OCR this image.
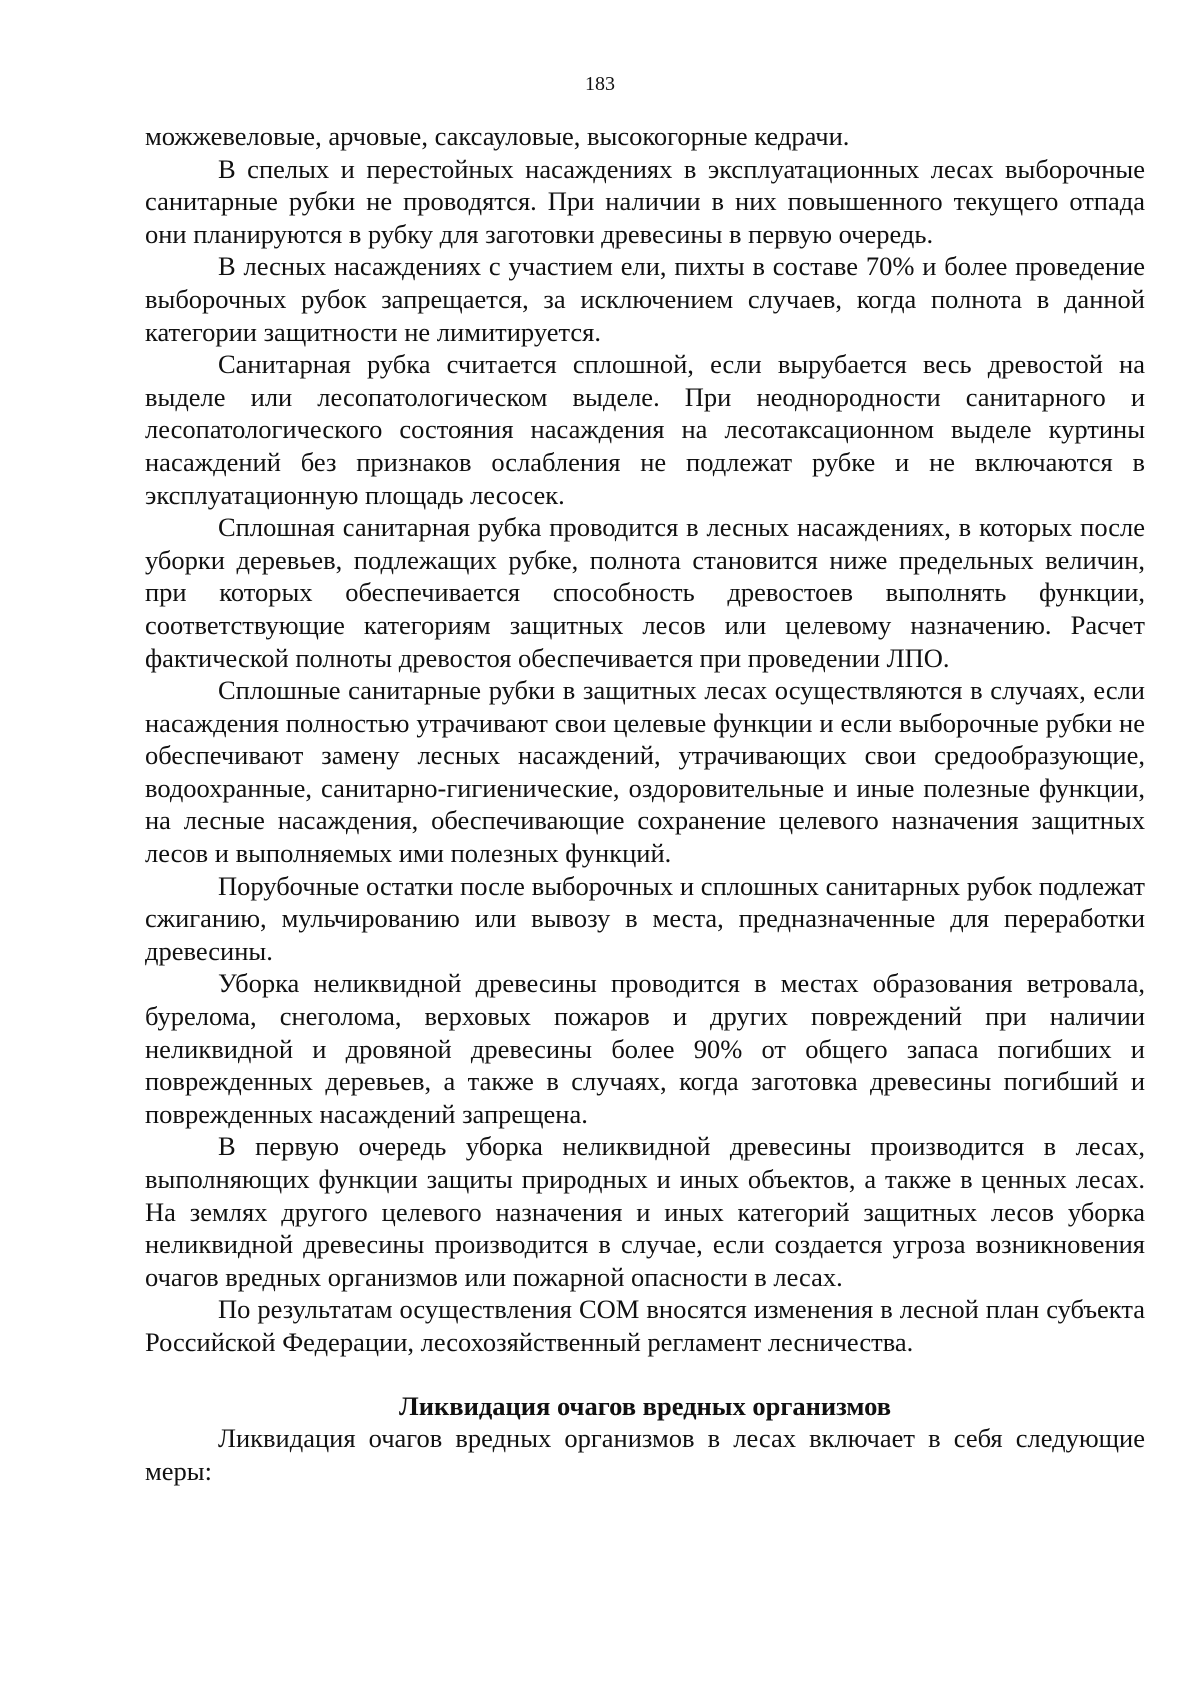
183

можжевеловые, арчовые, саксауловые, высокогорные кедрачи.

В спелых и перестойных насаждениях в эксплуатационных лесах выборочные санитарные рубки не проводятся. При наличии в них повышенного текущего отпада они планируются в рубку для заготовки древесины в первую очередь.

В лесных насаждениях с участием ели, пихты в составе 70% и более проведение выборочных рубок запрещается, за исключением случаев, когда полнота в данной категории защитности не лимитируется.

Санитарная рубка считается сплошной, если вырубается весь древостой на выделе или лесопатологическом выделе. При неоднородности санитарного и лесопатологического состояния насаждения на лесотаксационном выделе куртины насаждений без признаков ослабления не подлежат рубке и не включаются в эксплуатационную площадь лесосек.

Сплошная санитарная рубка проводится в лесных насаждениях, в которых после уборки деревьев, подлежащих рубке, полнота становится ниже предельных величин, при которых обеспечивается способность древостоев выполнять функции, соответствующие категориям защитных лесов или целевому назначению. Расчет фактической полноты древостоя обеспечивается при проведении ЛПО.

Сплошные санитарные рубки в защитных лесах осуществляются в случаях, если насаждения полностью утрачивают свои целевые функции и если выборочные рубки не обеспечивают замену лесных насаждений, утрачивающих свои средообразующие, водоохранные, санитарно-гигиенические, оздоровительные и иные полезные функции, на лесные насаждения, обеспечивающие сохранение целевого назначения защитных лесов и выполняемых ими полезных функций.

Порубочные остатки после выборочных и сплошных санитарных рубок подлежат сжиганию, мульчированию или вывозу в места, предназначенные для переработки древесины.

Уборка неликвидной древесины проводится в местах образования ветровала, бурелома, снеголома, верховых пожаров и других повреждений при наличии неликвидной и дровяной древесины более 90% от общего запаса погибших и поврежденных деревьев, а также в случаях, когда заготовка древесины погибший и поврежденных насаждений запрещена.

В первую очередь уборка неликвидной древесины производится в лесах, выполняющих функции защиты природных и иных объектов, а также в ценных лесах. На землях другого целевого назначения и иных категорий защитных лесов уборка неликвидной древесины производится в случае, если создается угроза возникновения очагов вредных организмов или пожарной опасности в лесах.

По результатам осуществления СОМ вносятся изменения в лесной план субъекта Российской Федерации, лесохозяйственный регламент лесничества.

Ликвидация очагов вредных организмов

Ликвидация очагов вредных организмов в лесах включает в себя следующие меры:
